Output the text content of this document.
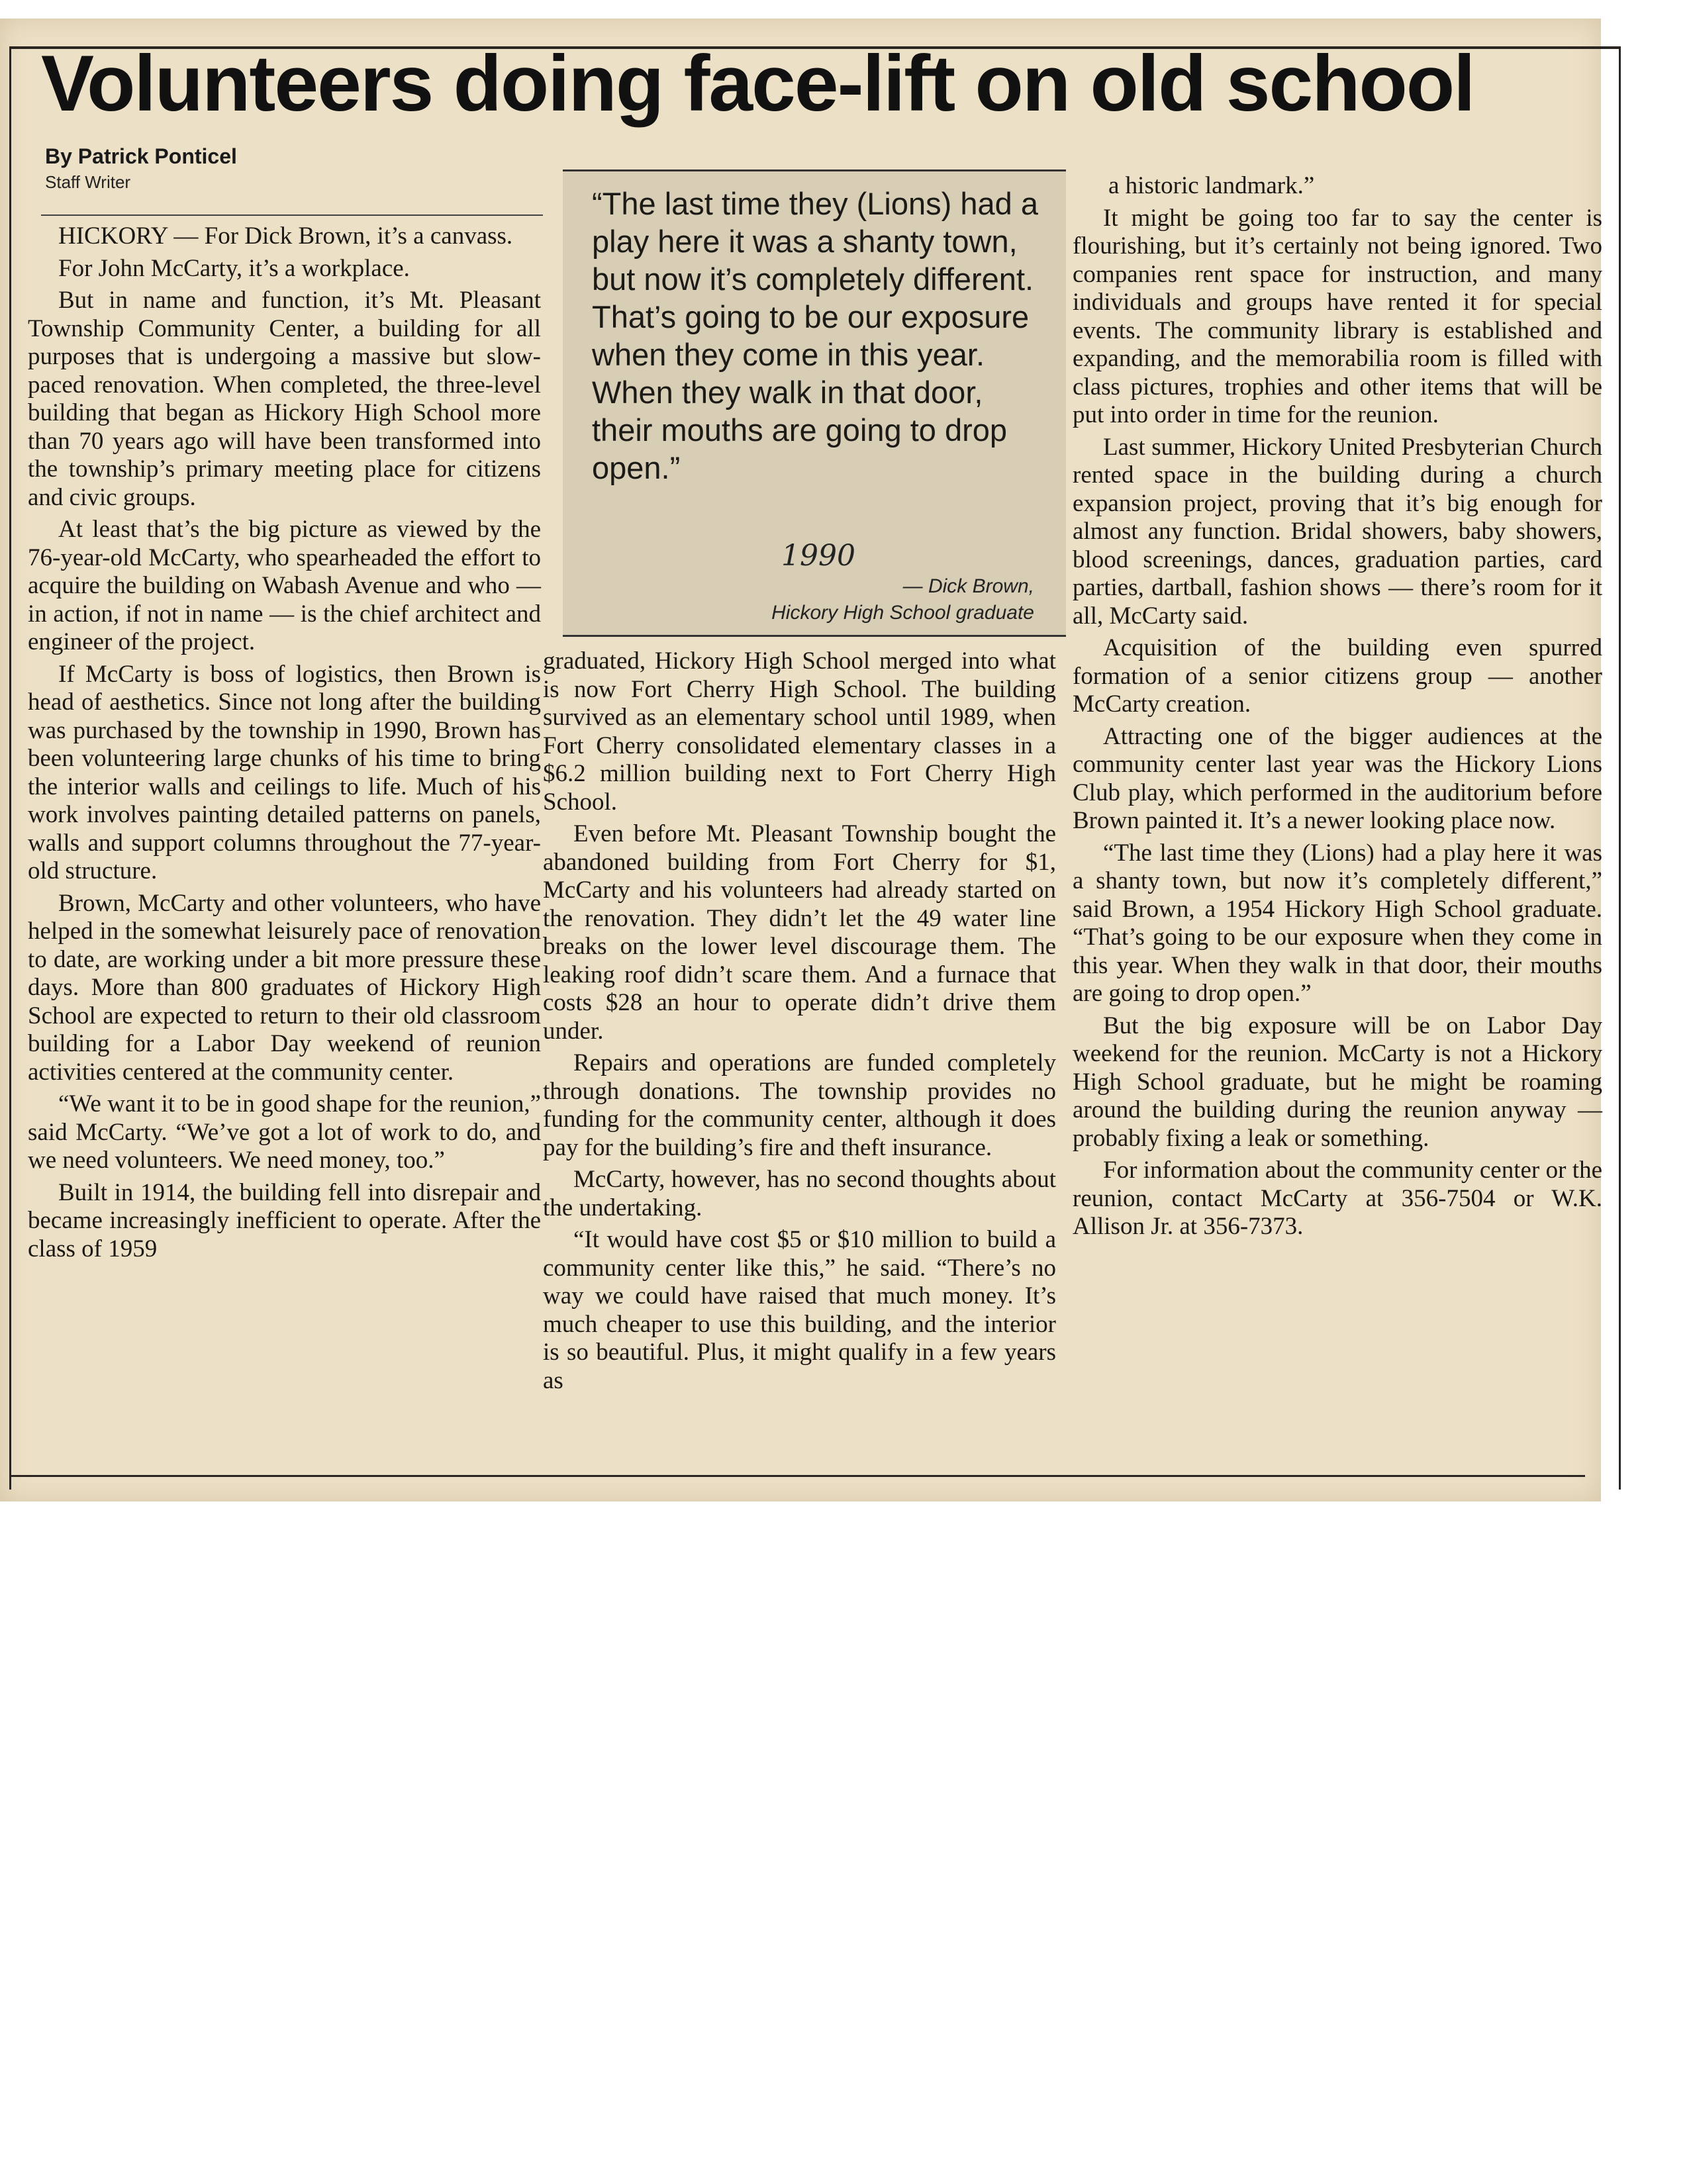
Volunteers doing face-lift on old school
By Patrick Ponticel
Staff Writer

HICKORY — For Dick Brown, it’s a canvass.

For John McCarty, it’s a workplace.

But in name and function, it’s Mt. Pleasant Township Community Center, a building for all purposes that is undergoing a massive but slow-paced renovation. When completed, the three-level building that began as Hickory High School more than 70 years ago will have been transformed into the township’s primary meeting place for citizens and civic groups.

At least that’s the big picture as viewed by the 76-year-old McCarty, who spearheaded the effort to acquire the building on Wabash Avenue and who — in action, if not in name — is the chief architect and engineer of the project.

If McCarty is boss of logistics, then Brown is head of aesthetics. Since not long after the building was purchased by the township in 1990, Brown has been volunteering large chunks of his time to bring the interior walls and ceilings to life. Much of his work involves painting detailed patterns on panels, walls and support columns throughout the 77-year-old structure.

Brown, McCarty and other volunteers, who have helped in the somewhat leisurely pace of renovation to date, are working under a bit more pressure these days. More than 800 graduates of Hickory High School are expected to return to their old classroom building for a Labor Day weekend of reunion activities centered at the community center.

“We want it to be in good shape for the reunion,” said McCarty. “We’ve got a lot of work to do, and we need volunteers. We need money, too.”

Built in 1914, the building fell into disrepair and became increasingly inefficient to operate. After the class of 1959

“The last time they (Lions) had a play here it was a shanty town, but now it’s completely different. That’s going to be our exposure when they come in this year. When they walk in that door, their mouths are going to drop open.”

1990
— Dick Brown,
Hickory High School graduate

graduated, Hickory High School merged into what is now Fort Cherry High School. The building survived as an elementary school until 1989, when Fort Cherry consolidated elementary classes in a $6.2 million building next to Fort Cherry High School.

Even before Mt. Pleasant Township bought the abandoned building from Fort Cherry for $1, McCarty and his volunteers had already started on the renovation. They didn’t let the 49 water line breaks on the lower level discourage them. The leaking roof didn’t scare them. And a furnace that costs $28 an hour to operate didn’t drive them under.

Repairs and operations are funded completely through donations. The township provides no funding for the community center, although it does pay for the building’s fire and theft insurance.

McCarty, however, has no second thoughts about the undertaking.

“It would have cost $5 or $10 million to build a community center like this,” he said. “There’s no way we could have raised that much money. It’s much cheaper to use this building, and the interior is so beautiful. Plus, it might qualify in a few years as

a historic landmark.”

It might be going too far to say the center is flourishing, but it’s certainly not being ignored. Two companies rent space for instruction, and many individuals and groups have rented it for special events. The community library is established and expanding, and the memorabilia room is filled with class pictures, trophies and other items that will be put into order in time for the reunion.

Last summer, Hickory United Presbyterian Church rented space in the building during a church expansion project, proving that it’s big enough for almost any function. Bridal showers, baby showers, blood screenings, dances, graduation parties, card parties, dartball, fashion shows — there’s room for it all, McCarty said.

Acquisition of the building even spurred formation of a senior citizens group — another McCarty creation.

Attracting one of the bigger audiences at the community center last year was the Hickory Lions Club play, which performed in the auditorium before Brown painted it. It’s a newer looking place now.

“The last time they (Lions) had a play here it was a shanty town, but now it’s completely different,” said Brown, a 1954 Hickory High School graduate. “That’s going to be our exposure when they come in this year. When they walk in that door, their mouths are going to drop open.”

But the big exposure will be on Labor Day weekend for the reunion. McCarty is not a Hickory High School graduate, but he might be roaming around the building during the reunion anyway — probably fixing a leak or something.

For information about the community center or the reunion, contact McCarty at 356-7504 or W.K. Allison Jr. at 356-7373.
